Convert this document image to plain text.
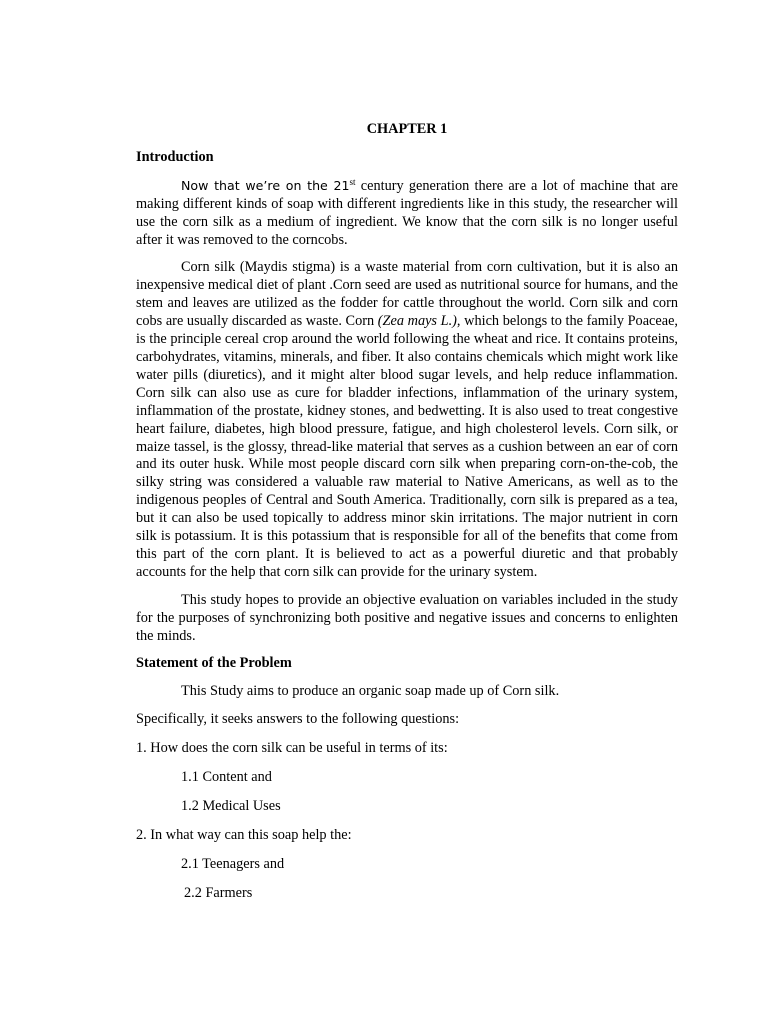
CHAPTER 1
Introduction

Now that we’re on the 21st century generation there are a lot of machine that are making different kinds of soap with different ingredients like in this study, the researcher will use the corn silk as a medium of ingredient. We know that the corn silk is no longer useful after it was removed to the corncobs.

Corn silk (Maydis stigma) is a waste material from corn cultivation, but it is also an inexpensive medical diet of plant .Corn seed are used as nutritional source for humans, and the stem and leaves are utilized as the fodder for cattle throughout the world. Corn silk and corn cobs are usually discarded as waste. Corn (Zea mays L.), which belongs to the family Poaceae, is the principle cereal crop around the world following the wheat and rice. It contains proteins, carbohydrates, vitamins, minerals, and fiber. It also contains chemicals which might work like water pills (diuretics), and it might alter blood sugar levels, and help reduce inflammation. Corn silk can also use as cure for bladder infections, inflammation of the urinary system, inflammation of the prostate, kidney stones, and bedwetting. It is also used to treat congestive heart failure, diabetes, high blood pressure, fatigue, and high cholesterol levels. Corn silk, or maize tassel, is the glossy, thread-like material that serves as a cushion between an ear of corn and its outer husk. While most people discard corn silk when preparing corn-on-the-cob, the silky string was considered a valuable raw material to Native Americans, as well as to the indigenous peoples of Central and South America. Traditionally, corn silk is prepared as a tea, but it can also be used topically to address minor skin irritations. The major nutrient in corn silk is potassium. It is this potassium that is responsible for all of the benefits that come from this part of the corn plant. It is believed to act as a powerful diuretic and that probably accounts for the help that corn silk can provide for the urinary system.

This study hopes to provide an objective evaluation on variables included in the study for the purposes of synchronizing both positive and negative issues and concerns to enlighten the minds.

Statement of the Problem

This Study aims to produce an organic soap made up of Corn silk.

Specifically, it seeks answers to the following questions:

1. How does the corn silk can be useful in terms of its:

1.1 Content and

1.2 Medical Uses

2. In what way can this soap help the:

2.1 Teenagers and

2.2 Farmers
